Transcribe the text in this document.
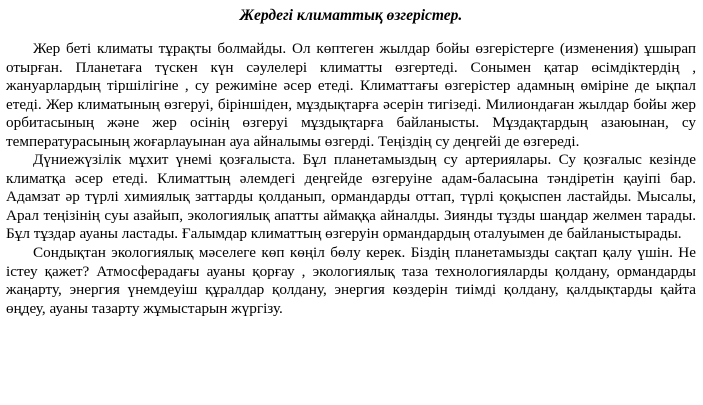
Жердегі климаттық өзгерістер.

Жер беті климаты тұрақты болмайды. Ол көптеген жылдар бойы өзгерістерге (изменения) ұшырап отырған. Планетаға түскен күн сәулелері климатты өзгертеді. Сонымен қатар өсімдіктердің , жануарлардың тіршілігіне , су режиміне әсер етеді. Климаттағы өзгерістер адамның өміріне де ықпал етеді. Жер климатының өзгеруі, біріншіден, мұздықтарға әсерін тигізеді. Милиондаған жылдар бойы жер орбитасының және жер осінің өзгеруі мұздықтарға байланысты. Мұздақтардың азаюынан, су температурасының жоғарлауынан ауа айналымы өзгерді. Теңіздің су деңгейі де өзгереді.

Дүниежүзілік мұхит үнемі қозғалыста. Бұл планетамыздың су артериялары. Су қозғалыс кезінде климатқа әсер етеді. Климаттың әлемдегі деңгейде өзгеруіне адам-баласына тәндіретін қауіпі бар. Адамзат әр түрлі химиялық заттарды қолданып, ормандарды оттап, түрлі қоқыспен ластайды. Мысалы, Арал теңізінің суы азайып, экологиялық апатты аймаққа айналды. Зиянды тұзды шаңдар желмен тарады. Бұл тұздар ауаны ластады. Ғалымдар климаттың өзгеруін ормандардың оталуымен де байланыстырады.

Сондықтан экологиялық мәселеге көп көңіл бөлу керек. Біздің планетамызды сақтап қалу үшін. Не істеу қажет? Атмосферадағы ауаны қорғау , экологиялық таза технологияларды қолдану, ормандарды жаңарту, энергия үнемдеуіш құралдар қолдану, энергия көздерін тиімді қолдану, қалдықтарды қайта өңдеу, ауаны тазарту жұмыстарын жүргізу.
